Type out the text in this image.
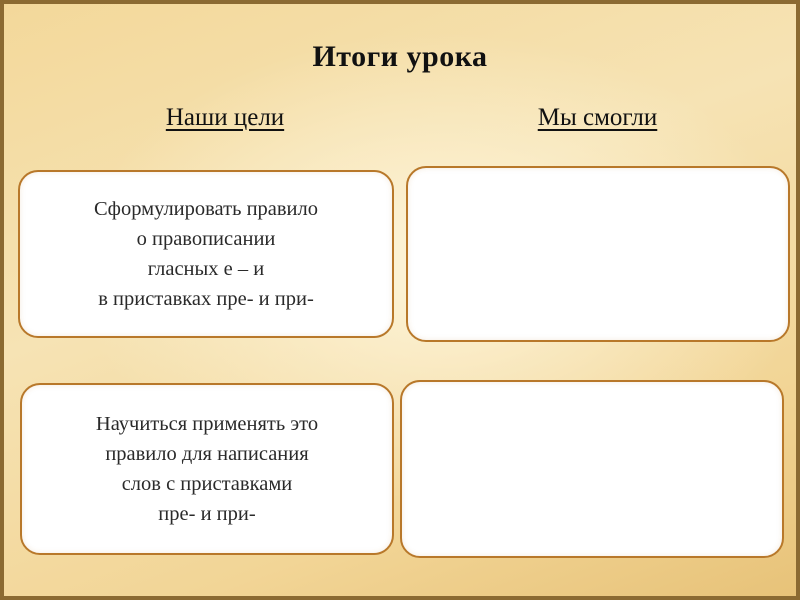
Итоги урока
Наши цели	Мы смогли
Сформулировать правило
о правописании
гласных е – и
в приставках пре- и при-
Научиться применять это
правило для написания
слов с приставками
пре- и при-
